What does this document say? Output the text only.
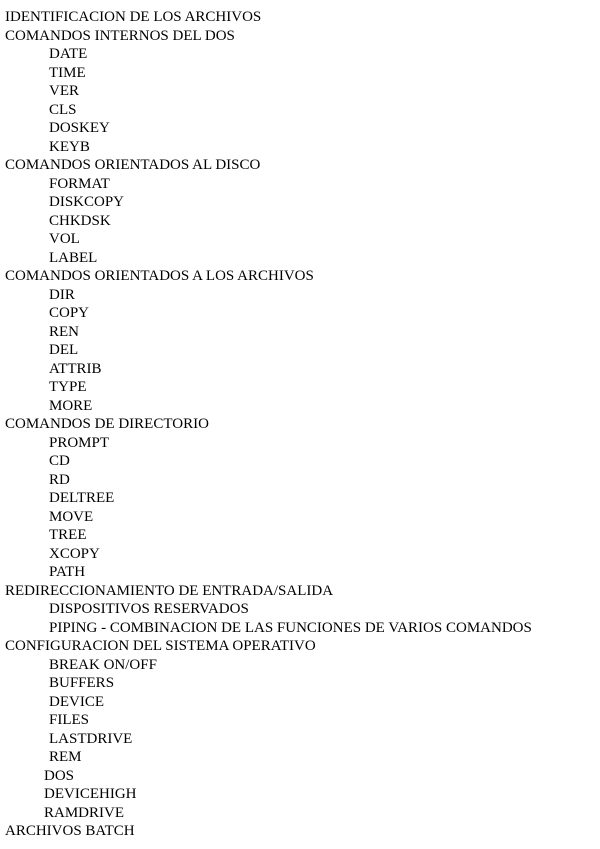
IDENTIFICACION DE LOS ARCHIVOS
COMANDOS INTERNOS DEL DOS
DATE
TIME
VER
CLS
DOSKEY
KEYB
COMANDOS ORIENTADOS AL DISCO
FORMAT
DISKCOPY
CHKDSK
VOL
LABEL
COMANDOS ORIENTADOS A LOS ARCHIVOS
DIR
COPY
REN
DEL
ATTRIB
TYPE
MORE
COMANDOS DE DIRECTORIO
PROMPT
CD
RD
DELTREE
MOVE
TREE
XCOPY
PATH
REDIRECCIONAMIENTO DE ENTRADA/SALIDA
DISPOSITIVOS RESERVADOS
PIPING - COMBINACION DE LAS FUNCIONES DE VARIOS COMANDOS
CONFIGURACION DEL SISTEMA OPERATIVO
BREAK ON/OFF
BUFFERS
DEVICE
FILES
LASTDRIVE
REM
DOS
DEVICEHIGH
RAMDRIVE
ARCHIVOS BATCH
